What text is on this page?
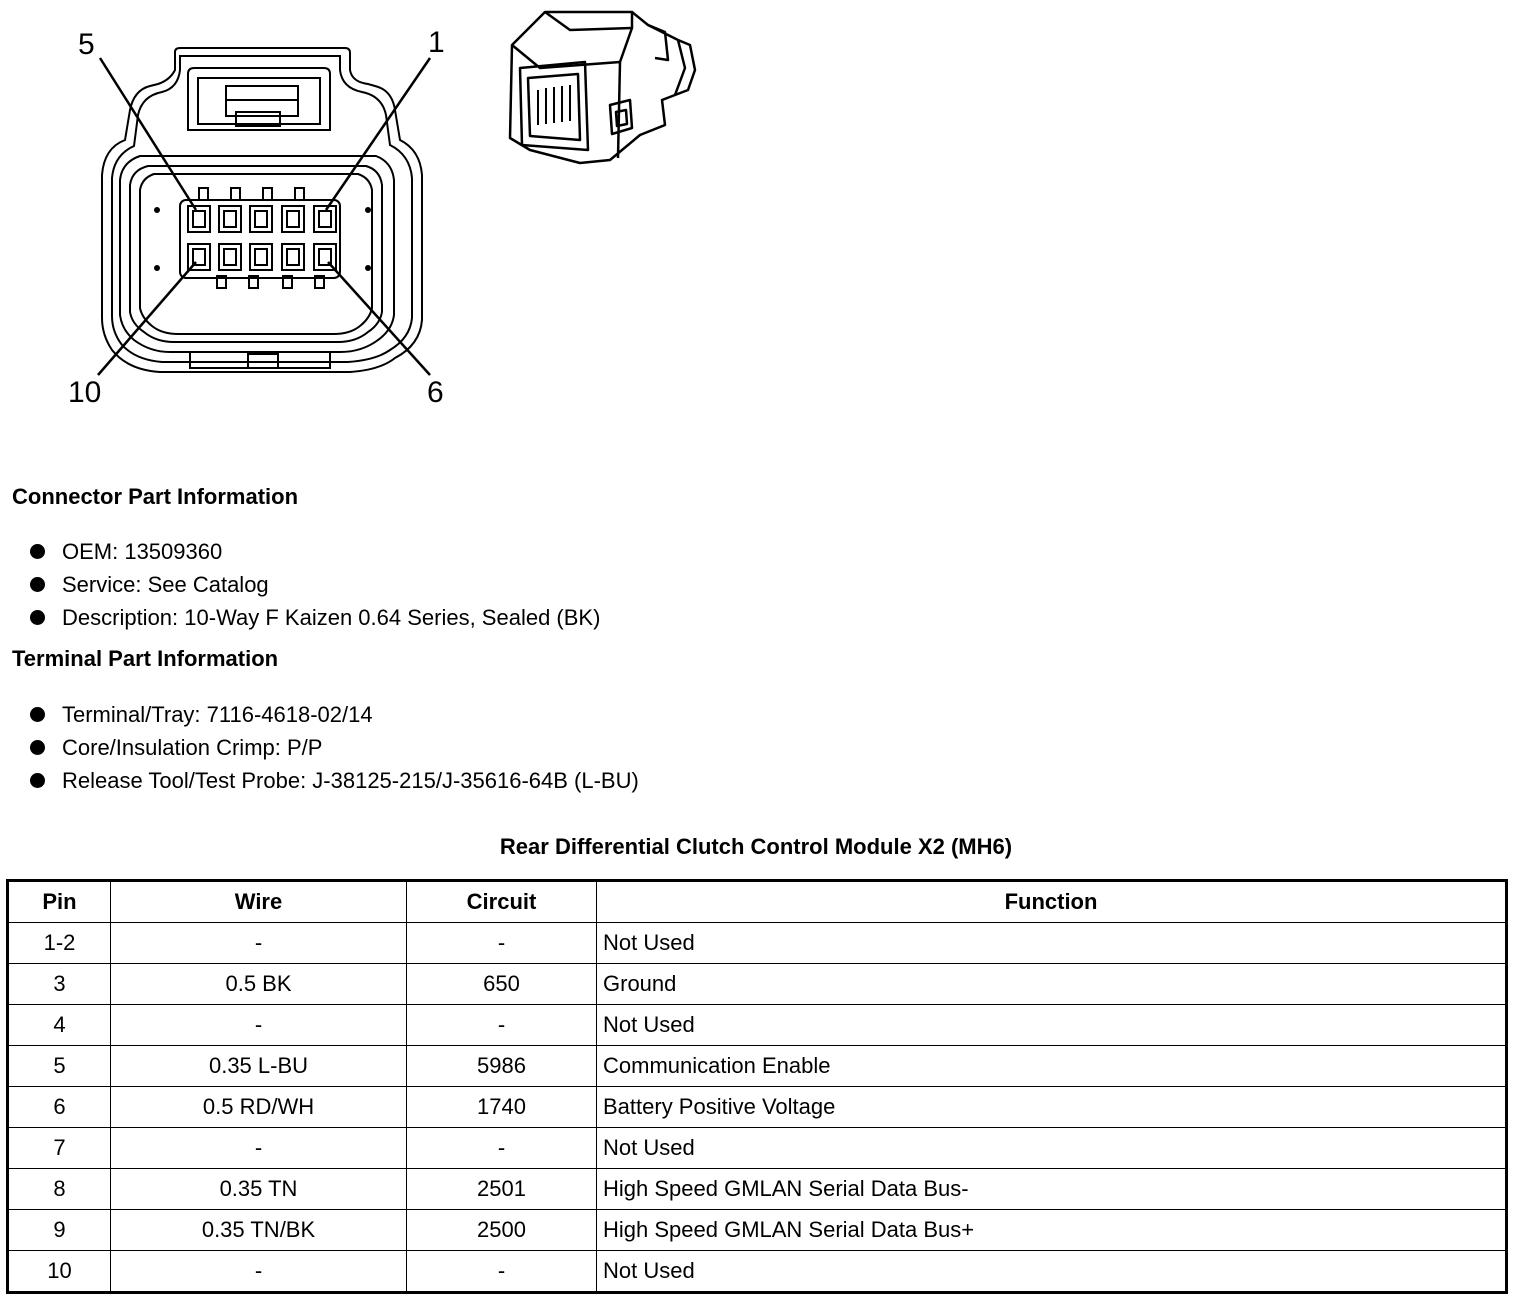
5	1
10	6
Connector Part Information
OEM: 13509360
Service: See Catalog
Description: 10-Way F Kaizen 0.64 Series, Sealed (BK)
Terminal Part Information
Terminal/Tray: 7116-4618-02/14
Core/Insulation Crimp: P/P
Release Tool/Test Probe: J-38125-215/J-35616-64B (L-BU)
Rear Differential Clutch Control Module X2 (MH6)
Pin	Wire	Circuit	Function
1-2	-	-	Not Used
3	0.5 BK	650	Ground
4	-	-	Not Used
5	0.35 L-BU	5986	Communication Enable
6	0.5 RD/WH	1740	Battery Positive Voltage
7	-	-	Not Used
8	0.35 TN	2501	High Speed GMLAN Serial Data Bus-
9	0.35 TN/BK	2500	High Speed GMLAN Serial Data Bus+
10	-	-	Not Used
